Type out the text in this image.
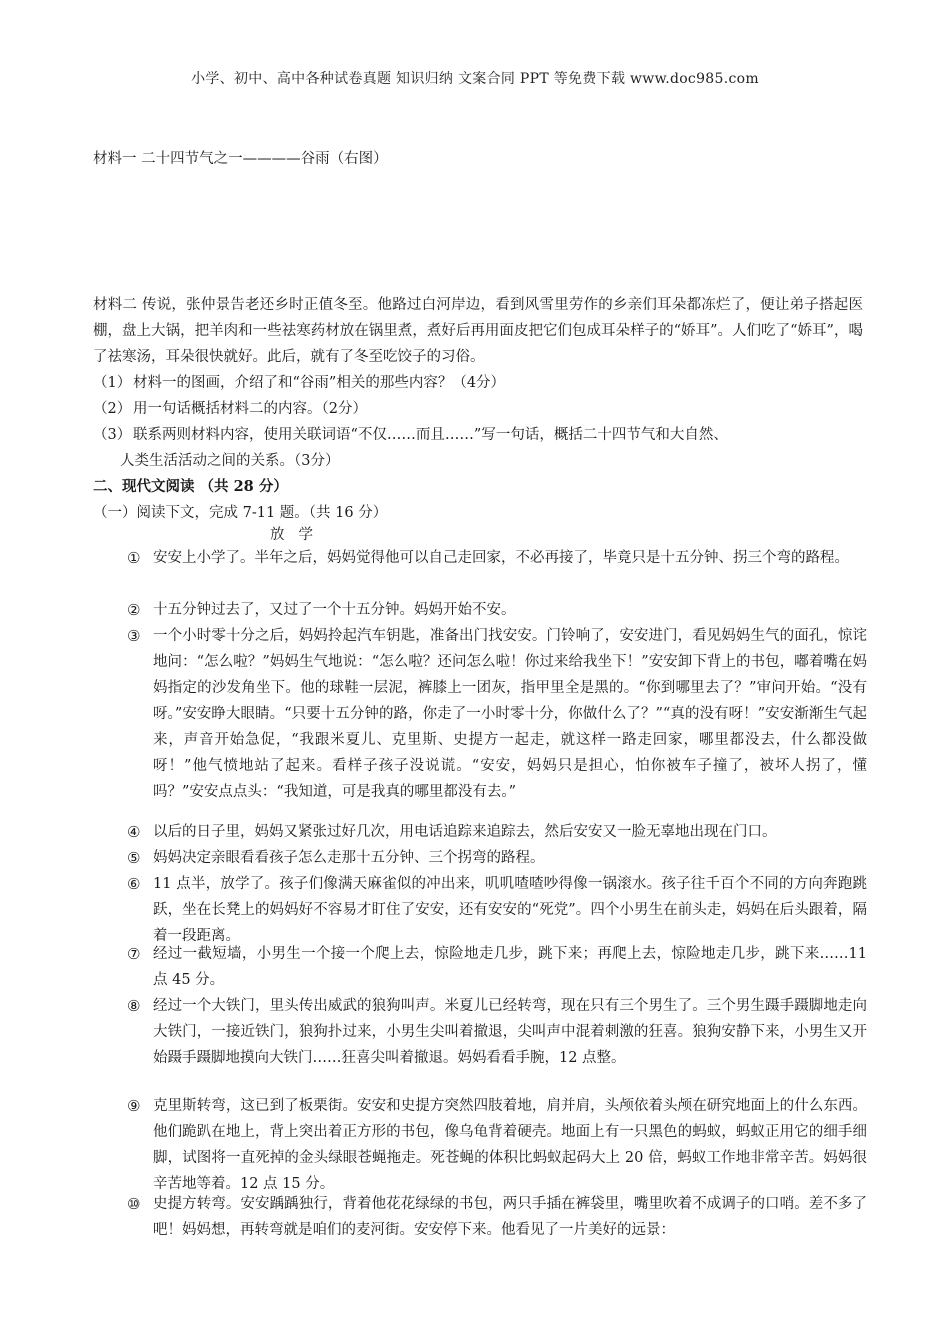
小学、初中、高中各种试卷真题 知识归纳 文案合同 PPT 等免费下载 www.doc985.com
材料一 二十四节气之一————谷雨（右图）
材料二 传说，张仲景告老还乡时正值冬至。他路过白河岸边，看到风雪里劳作的乡亲们耳朵都冻烂了，便让弟子搭起医棚，盘上大锅，把羊肉和一些祛寒药材放在锅里煮，煮好后再用面皮把它们包成耳朵样子的“娇耳”。人们吃了“娇耳”，喝了祛寒汤，耳朵很快就好。此后，就有了冬至吃饺子的习俗。
（1） 材料一的图画，介绍了和“谷雨”相关的那些内容？（4分）
（2） 用一句话概括材料二的内容。（2分）
（3） 联系两则材料内容，使用关联词语“不仅……而且……”写一句话，概括二十四节气和大自然、
人类生活活动之间的关系。（3分）
二、现代文阅读 （共 28 分）
（一）阅读下文，完成 7-11 题。（共 16 分）
放学
① 安安上小学了。半年之后，妈妈觉得他可以自己走回家，不必再接了，毕竟只是十五分钟、拐三个弯的路程。
② 十五分钟过去了，又过了一个十五分钟。妈妈开始不安。
③ 一个小时零十分之后，妈妈拎起汽车钥匙，准备出门找安安。门铃响了，安安进门，看见妈妈生气的面孔，惊诧地问：“怎么啦？”妈妈生气地说：“怎么啦？还问怎么啦！你过来给我坐下！”安安卸下背上的书包，嘟着嘴在妈妈指定的沙发角坐下。他的球鞋一层泥，裤膝上一团灰，指甲里全是黑的。“你到哪里去了？”审问开始。“没有呀。”安安睁大眼睛。“只要十五分钟的路，你走了一小时零十分，你做什么了？”“真的没有呀！”安安渐渐生气起来，声音开始急促，“我跟米夏儿、克里斯、史提方一起走，就这样一路走回家，哪里都没去，什么都没做呀！”他气愤地站了起来。看样子孩子没说谎。“安安，妈妈只是担心，怕你被车子撞了，被坏人拐了，懂吗？”安安点点头：“我知道，可是我真的哪里都没有去。”
④ 以后的日子里，妈妈又紧张过好几次，用电话追踪来追踪去，然后安安又一脸无辜地出现在门口。
⑤ 妈妈决定亲眼看看孩子怎么走那十五分钟、三个拐弯的路程。
⑥ 11 点半，放学了。孩子们像满天麻雀似的冲出来，叽叽喳喳吵得像一锅滚水。孩子往千百个不同的方向奔跑跳跃，坐在长凳上的妈妈好不容易才盯住了安安，还有安安的“死党”。四个小男生在前头走，妈妈在后头跟着，隔着一段距离。
⑦ 经过一截短墙，小男生一个接一个爬上去，惊险地走几步，跳下来；再爬上去，惊险地走几步，跳下来……11 点 45 分。
⑧ 经过一个大铁门，里头传出威武的狼狗叫声。米夏儿已经转弯，现在只有三个男生了。三个男生蹑手蹑脚地走向大铁门，一接近铁门，狼狗扑过来，小男生尖叫着撤退，尖叫声中混着刺激的狂喜。狼狗安静下来，小男生又开始蹑手蹑脚地摸向大铁门……狂喜尖叫着撤退。妈妈看看手腕，12 点整。
⑨ 克里斯转弯，这已到了板栗街。安安和史提方突然四肢着地，肩并肩，头颅依着头颅在研究地面上的什么东西。他们跪趴在地上，背上突出着正方形的书包，像乌龟背着硬壳。地面上有一只黑色的蚂蚁，蚂蚁正用它的细手细脚，试图将一直死掉的金头绿眼苍蝇拖走。死苍蝇的体积比蚂蚁起码大上 20 倍，蚂蚁工作地非常辛苦。妈妈很辛苦地等着。12 点 15 分。
⑩ 史提方转弯。安安踽踽独行，背着他花花绿绿的书包，两只手插在裤袋里，嘴里吹着不成调子的口哨。差不多了吧！妈妈想，再转弯就是咱们的麦河街。安安停下来。他看见了一片美好的远景：
